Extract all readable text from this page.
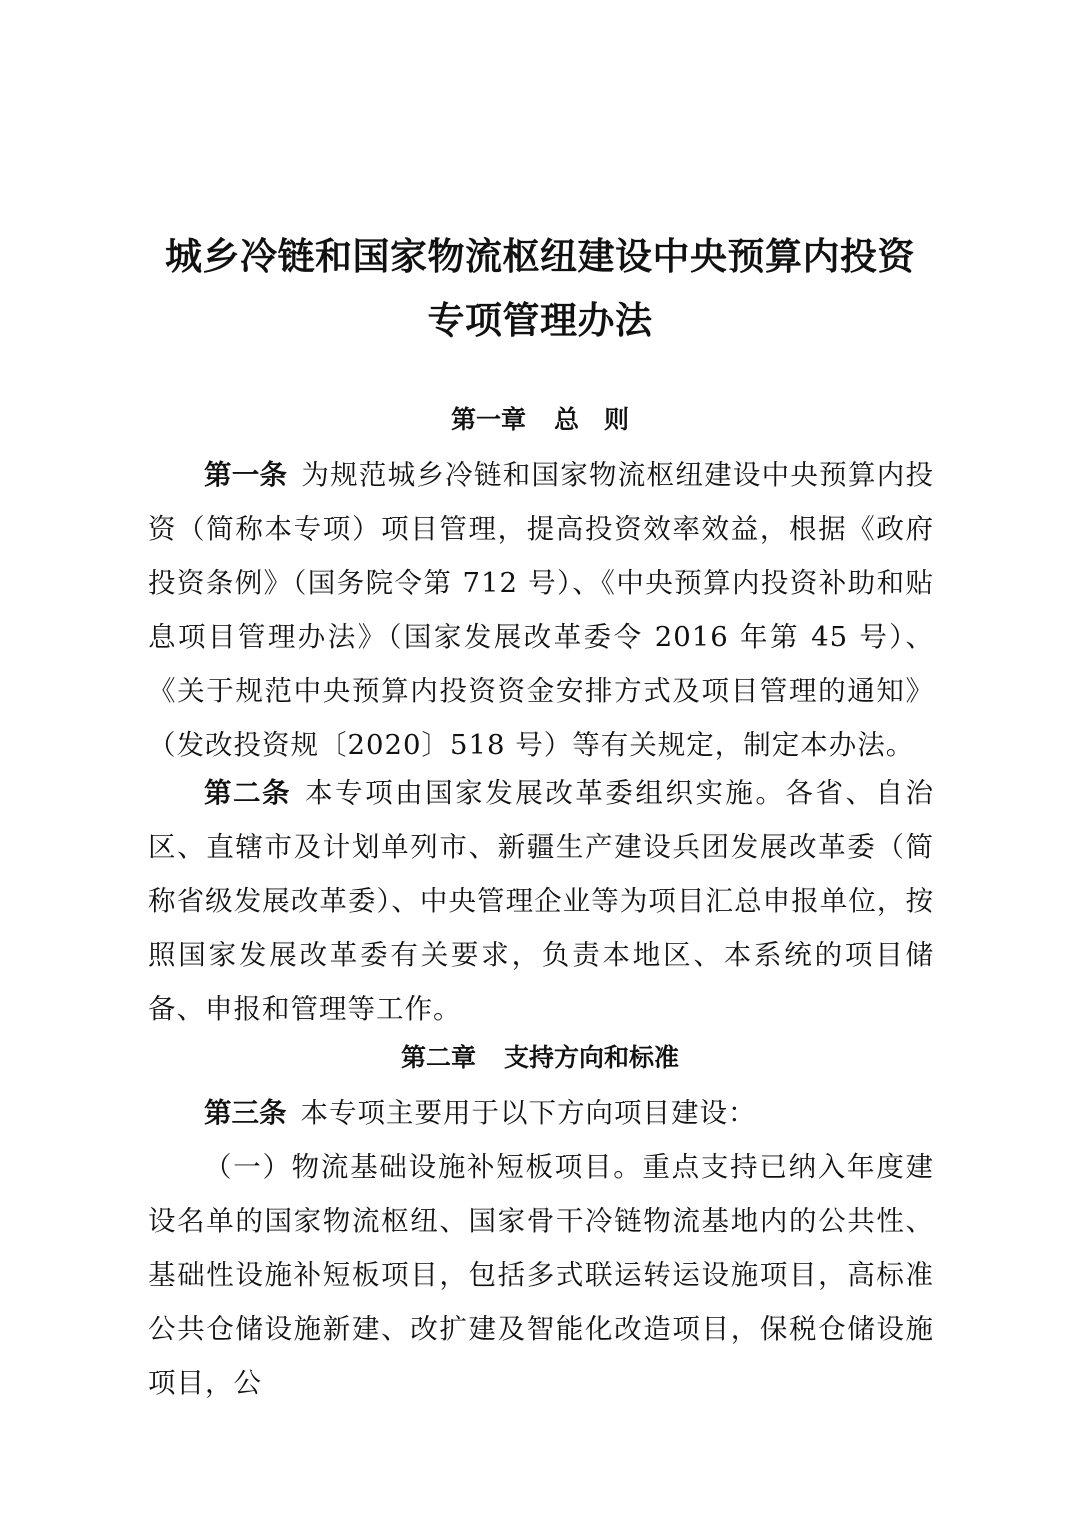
城乡冷链和国家物流枢纽建设中央预算内投资
专项管理办法
第一章 总　则

第一条 为规范城乡冷链和国家物流枢纽建设中央预算内投资（简称本专项）项目管理，提高投资效率效益，根据《政府投资条例》（国务院令第 712 号）、《中央预算内投资补助和贴息项目管理办法》（国家发展改革委令 2016 年第 45 号）、《关于规范中央预算内投资资金安排方式及项目管理的通知》（发改投资规〔2020〕518 号）等有关规定，制定本办法。

第二条 本专项由国家发展改革委组织实施。各省、自治区、直辖市及计划单列市、新疆生产建设兵团发展改革委（简称省级发展改革委）、中央管理企业等为项目汇总申报单位，按照国家发展改革委有关要求，负责本地区、本系统的项目储备、申报和管理等工作。

第二章 支持方向和标准

第三条 本专项主要用于以下方向项目建设：

（一）物流基础设施补短板项目。重点支持已纳入年度建设名单的国家物流枢纽、国家骨干冷链物流基地内的公共性、基础性设施补短板项目，包括多式联运转运设施项目，高标准公共仓储设施新建、改扩建及智能化改造项目，保税仓储设施项目，公
